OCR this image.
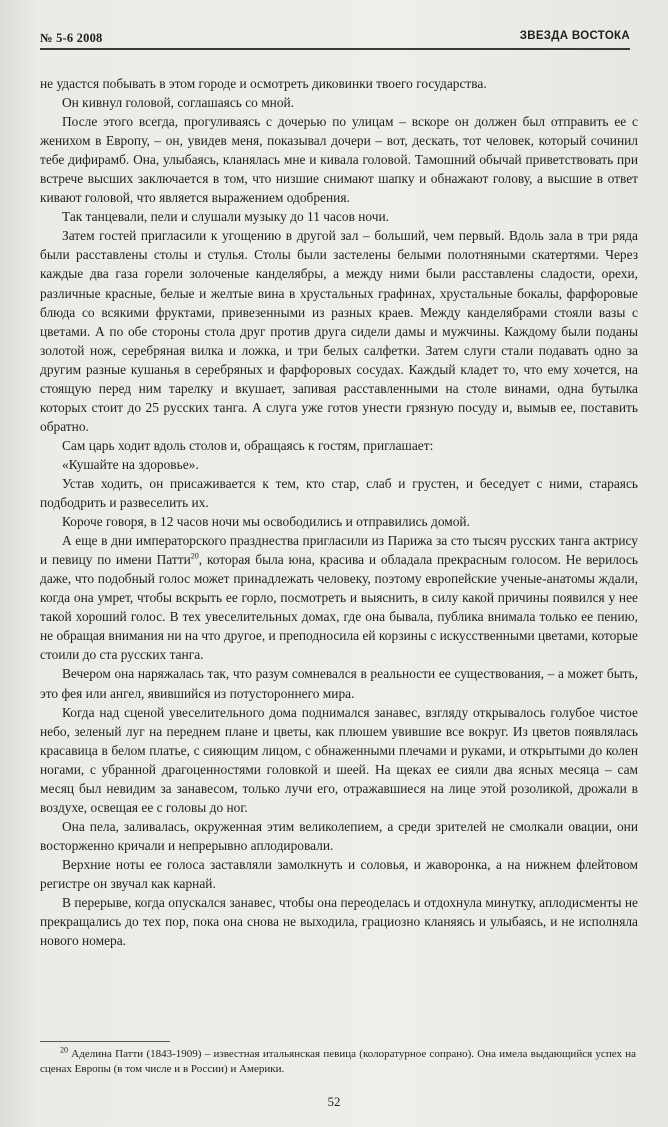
№ 5-6 2008	ЗВЕЗДА ВОСТОКА

не удастся побывать в этом городе и осмотреть диковинки твоего государства.

Он кивнул головой, соглашаясь со мной.

После этого всегда, прогуливаясь с дочерью по улицам – вскоре он должен был отправить ее с женихом в Европу, – он, увидев меня, показывал дочери – вот, дескать, тот человек, который сочинил тебе дифирамб. Она, улыбаясь, кланялась мне и кивала головой. Тамошний обычай приветствовать при встрече высших заключается в том, что низшие снимают шапку и обнажают голову, а высшие в ответ кивают головой, что является выражением одобрения.

Так танцевали, пели и слушали музыку до 11 часов ночи.

Затем гостей пригласили к угощению в другой зал – больший, чем первый. Вдоль зала в три ряда были расставлены столы и стулья. Столы были застелены белыми полотняными скатертями. Через каждые два газа горели золоченые канделябры, а между ними были расставлены сладости, орехи, различные красные, белые и желтые вина в хрустальных графинах, хрустальные бокалы, фарфоровые блюда со всякими фруктами, привезенными из разных краев. Между канделябрами стояли вазы с цветами. А по обе стороны стола друг против друга сидели дамы и мужчины. Каждому были поданы золотой нож, серебряная вилка и ложка, и три белых салфетки. Затем слуги стали подавать одно за другим разные кушанья в серебряных и фарфоровых сосудах. Каждый кладет то, что ему хочется, на стоящую перед ним тарелку и вкушает, запивая расставленными на столе винами, одна бутылка которых стоит до 25 русских танга. А слуга уже готов унести грязную посуду и, вымыв ее, поставить обратно.

Сам царь ходит вдоль столов и, обращаясь к гостям, приглашает:

«Кушайте на здоровье».

Устав ходить, он присаживается к тем, кто стар, слаб и грустен, и беседует с ними, стараясь подбодрить и развеселить их.

Короче говоря, в 12 часов ночи мы освободились и отправились домой.

А еще в дни императорского празднества пригласили из Парижа за сто тысяч русских танга актрису и певицу по имени Патти$^{20}$, которая была юна, красива и обладала прекрасным голосом. Не верилось даже, что подобный голос может принадлежать человеку, поэтому европейские ученые-анатомы ждали, когда она умрет, чтобы вскрыть ее горло, посмотреть и выяснить, в силу какой причины появился у нее такой хороший голос. В тех увеселительных домах, где она бывала, публика внимала только ее пению, не обращая внимания ни на что другое, и преподносила ей корзины с искусственными цветами, которые стоили до ста русских танга.

Вечером она наряжалась так, что разум сомневался в реальности ее существования, – а может быть, это фея или ангел, явившийся из потустороннего мира.

Когда над сценой увеселительного дома поднимался занавес, взгляду открывалось голубое чистое небо, зеленый луг на переднем плане и цветы, как плюшем увившие все вокруг. Из цветов появлялась красавица в белом платье, с сияющим лицом, с обнаженными плечами и руками, и открытыми до колен ногами, с убранной драгоценностями головкой и шеей. На щеках ее сияли два ясных месяца – сам месяц был невидим за занавесом, только лучи его, отражавшиеся на лице этой розоликой, дрожали в воздухе, освещая ее с головы до ног.

Она пела, заливалась, окруженная этим великолепием, а среди зрителей не смолкали овации, они восторженно кричали и непрерывно аплодировали.

Верхние ноты ее голоса заставляли замолкнуть и соловья, и жаворонка, а на нижнем флейтовом регистре он звучал как карнай.

В перерыве, когда опускался занавес, чтобы она переоделась и отдохнула минутку, аплодисменты не прекращались до тех пор, пока она снова не выходила, грациозно кланяясь и улыбаясь, и не исполняла нового номера.

$^{20}$ Аделина Патти (1843-1909) – известная итальянская певица (колоратурное сопрано). Она имела выдающийся успех на сценах Европы (в том числе и в России) и Америки.

52
